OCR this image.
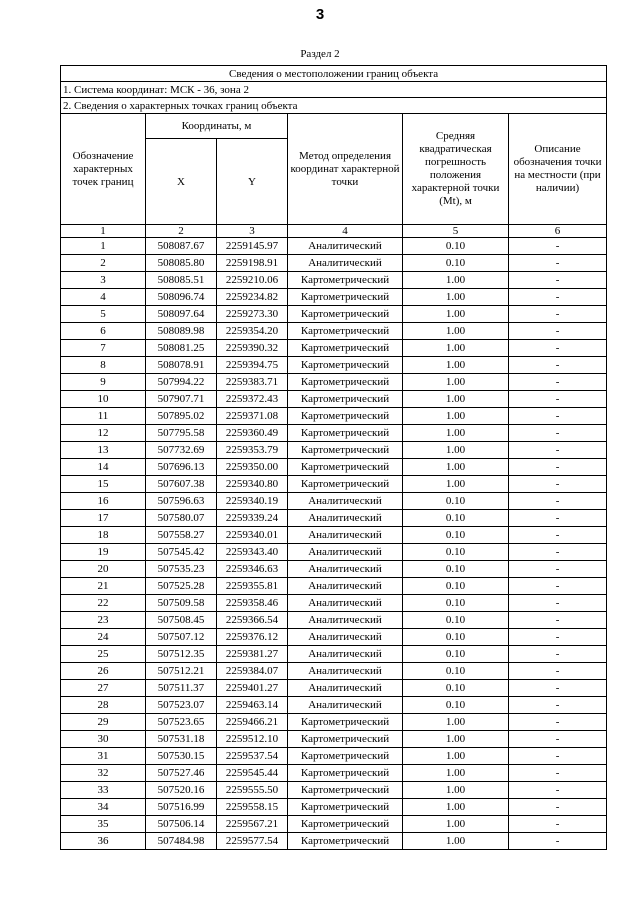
3
Раздел 2
Сведения о местоположении границ объекта					
1. Система координат: МСК - 36, зона 2					
2. Сведения о характерных точках границ объекта					
Обозначение характерных точек границ	Координаты, м		Метод определения координат характерной точки	Средняя квадратическая погрешность положения характерной точки (Mt), м	Описание обозначения точки на местности (при наличии)
	X	Y			
1	2	3	4	5	6
1	508087.67	2259145.97	Аналитический	0.10	-
2	508085.80	2259198.91	Аналитический	0.10	-
3	508085.51	2259210.06	Картометрический	1.00	-
4	508096.74	2259234.82	Картометрический	1.00	-
5	508097.64	2259273.30	Картометрический	1.00	-
6	508089.98	2259354.20	Картометрический	1.00	-
7	508081.25	2259390.32	Картометрический	1.00	-
8	508078.91	2259394.75	Картометрический	1.00	-
9	507994.22	2259383.71	Картометрический	1.00	-
10	507907.71	2259372.43	Картометрический	1.00	-
11	507895.02	2259371.08	Картометрический	1.00	-
12	507795.58	2259360.49	Картометрический	1.00	-
13	507732.69	2259353.79	Картометрический	1.00	-
14	507696.13	2259350.00	Картометрический	1.00	-
15	507607.38	2259340.80	Картометрический	1.00	-
16	507596.63	2259340.19	Аналитический	0.10	-
17	507580.07	2259339.24	Аналитический	0.10	-
18	507558.27	2259340.01	Аналитический	0.10	-
19	507545.42	2259343.40	Аналитический	0.10	-
20	507535.23	2259346.63	Аналитический	0.10	-
21	507525.28	2259355.81	Аналитический	0.10	-
22	507509.58	2259358.46	Аналитический	0.10	-
23	507508.45	2259366.54	Аналитический	0.10	-
24	507507.12	2259376.12	Аналитический	0.10	-
25	507512.35	2259381.27	Аналитический	0.10	-
26	507512.21	2259384.07	Аналитический	0.10	-
27	507511.37	2259401.27	Аналитический	0.10	-
28	507523.07	2259463.14	Аналитический	0.10	-
29	507523.65	2259466.21	Картометрический	1.00	-
30	507531.18	2259512.10	Картометрический	1.00	-
31	507530.15	2259537.54	Картометрический	1.00	-
32	507527.46	2259545.44	Картометрический	1.00	-
33	507520.16	2259555.50	Картометрический	1.00	-
34	507516.99	2259558.15	Картометрический	1.00	-
35	507506.14	2259567.21	Картометрический	1.00	-
36	507484.98	2259577.54	Картометрический	1.00	-
